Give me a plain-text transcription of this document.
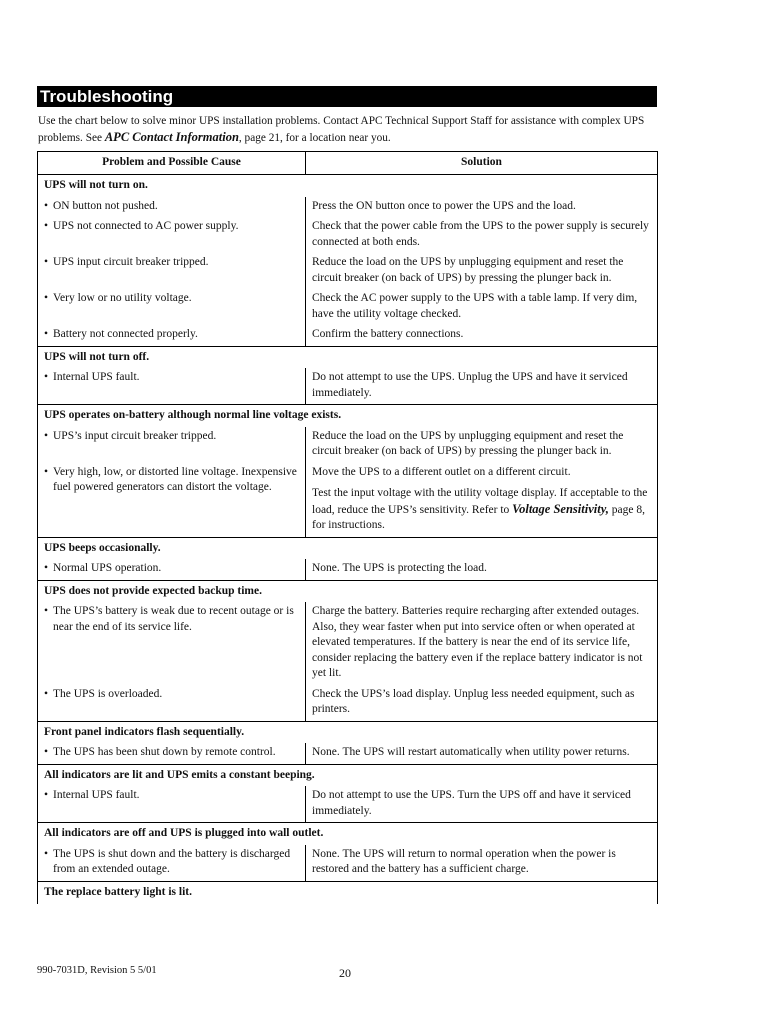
Troubleshooting
Use the chart below to solve minor UPS installation problems. Contact APC Technical Support Staff for assistance with complex UPS problems. See APC Contact Information, page 21, for a location near you.
Problem and Possible Cause	Solution
UPS will not turn on.	
• ON button not pushed.	Press the ON button once to power the UPS and the load.
• UPS not connected to AC power supply.	Check that the power cable from the UPS to the power supply is securely connected at both ends.
• UPS input circuit breaker tripped.	Reduce the load on the UPS by unplugging equipment and reset the circuit breaker (on back of UPS) by pressing the plunger back in.
• Very low or no utility voltage.	Check the AC power supply to the UPS with a table lamp. If very dim, have the utility voltage checked.
• Battery not connected properly.	Confirm the battery connections.
UPS will not turn off.	
• Internal UPS fault.	Do not attempt to use the UPS. Unplug the UPS and have it serviced immediately.
UPS operates on-battery although normal line voltage exists.	
• UPS’s input circuit breaker tripped.	Reduce the load on the UPS by unplugging equipment and reset the circuit breaker (on back of UPS) by pressing the plunger back in.
• Very high, low, or distorted line voltage. Inexpensive fuel powered generators can distort the voltage.	Move the UPS to a different outlet on a different circuit.
Test the input voltage with the utility voltage display. If acceptable to the load, reduce the UPS’s sensitivity. Refer to Voltage Sensitivity, page 8, for instructions.

UPS beeps occasionally.	
• Normal UPS operation.	None. The UPS is protecting the load.
UPS does not provide expected backup time.	
• The UPS’s battery is weak due to recent outage or is near the end of its service life.	Charge the battery. Batteries require recharging after extended outages. Also, they wear faster when put into service often or when operated at elevated temperatures. If the battery is near the end of its service life, consider replacing the battery even if the replace battery indicator is not yet lit.
• The UPS is overloaded.	Check the UPS’s load display. Unplug less needed equipment, such as printers.
Front panel indicators flash sequentially.	
• The UPS has been shut down by remote control.	None. The UPS will restart automatically when utility power returns.
All indicators are lit and UPS emits a constant beeping.	
• Internal UPS fault.	Do not attempt to use the UPS. Turn the UPS off and have it serviced immediately.
All indicators are off and UPS is plugged into wall outlet.	
• The UPS is shut down and the battery is discharged from an extended outage.	None. The UPS will return to normal operation when the power is restored and the battery has a sufficient charge.
The replace battery light is lit.	
990-7031D, Revision 5 5/01	20
